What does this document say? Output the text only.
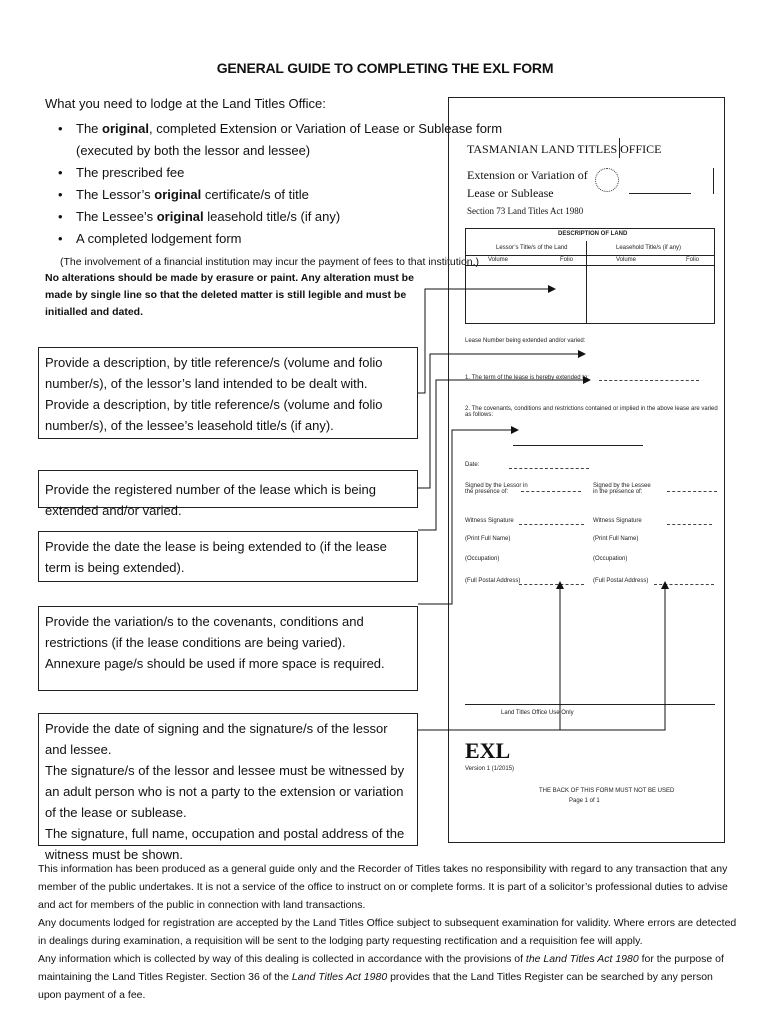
GENERAL GUIDE TO COMPLETING THE EXL FORM
What you need to lodge at the Land Titles Office:
• The original, completed Extension or Variation of Lease or Sublease form
(executed by both the lessor and lessee)
• The prescribed fee
• The Lessor’s original certificate/s of title
• The Lessee’s original leasehold title/s (if any)
• A completed lodgement form
(The involvement of a financial institution may incur the payment of fees to that institution.)
No alterations should be made by erasure or paint. Any alteration must be made by single line so that the deleted matter is still legible and must be initialled and dated.
Provide a description, by title reference/s (volume and folio number/s), of the lessor’s land intended to be dealt with.
Provide a description, by title reference/s (volume and folio number/s), of the lessee’s leasehold title/s (if any).
Provide the registered number of the lease which is being extended and/or varied.
Provide the date the lease is being extended to (if the lease term is being extended).
Provide the variation/s to the covenants, conditions and restrictions (if the lease conditions are being varied).
Annexure page/s should be used if more space is required.
Provide the date of signing and the signature/s of the lessor and lessee.
The signature/s of the lessor and lessee must be witnessed by an adult person who is not a party to the extension or variation of the lease or sublease.
The signature, full name, occupation and postal address of the witness must be shown.
TASMANIAN LAND TITLES OFFICE
Extension or Variation of
Lease or Sublease
Section 73 Land Titles Act 1980
DESCRIPTION OF LAND
Lessor’s Title/s of the Land	Leasehold Title/s (if any)
Volume	Folio	Volume	Folio
Lease Number being extended and/or varied:
1. The term of the lease is hereby extended to:
2. The covenants, conditions and restrictions contained or implied in the above lease are varied as follows:
Date:
Signed by the Lessor in the presence of:
Signed by the Lessee in the presence of:
Witness Signature	Witness Signature
(Print Full Name)	(Print Full Name)
(Occupation)	(Occupation)
(Full Postal Address)	(Full Postal Address)
Land Titles Office Use Only
EXL
Version 1 (1/2015)
THE BACK OF THIS FORM MUST NOT BE USED
Page 1 of 1

This information has been produced as a general guide only and the Recorder of Titles takes no responsibility with regard to any transaction that any member of the public undertakes. It is not a service of the office to instruct on or complete forms. It is part of a solicitor’s professional duties to advise and act for members of the public in connection with land transactions.

Any documents lodged for registration are accepted by the Land Titles Office subject to subsequent examination for validity. Where errors are detected in dealings during examination, a requisition will be sent to the lodging party requesting rectification and a requisition fee will apply.

Any information which is collected by way of this dealing is collected in accordance with the provisions of the Land Titles Act 1980 for the purpose of maintaining the Land Titles Register. Section 36 of the Land Titles Act 1980 provides that the Land Titles Register can be searched by any person upon payment of a fee.
